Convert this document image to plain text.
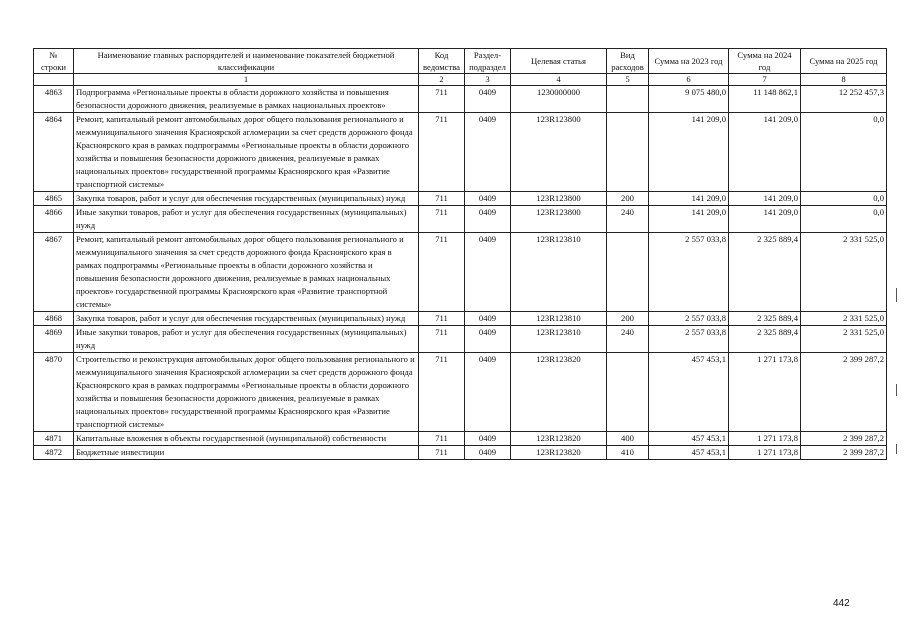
№ строки	Наименование главных распорядителей и наименование показателей бюджетной классификации	Код ведомства	Раздел-подраздел	Целевая статья	Вид расходов	Сумма на 2023 год	Сумма на 2024 год	Сумма на 2025 год
	1	2	3	4	5	6	7	8
4863	Подпрограмма «Региональные проекты в области дорожного хозяйства и повышения безопасности дорожного движения, реализуемые в рамках национальных проектов»	711	0409	1230000000		9 075 480,0	11 148 862,1	12 252 457,3
4864	Ремонт, капитальный ремонт автомобильных дорог общего пользования регионального и межмуниципального значения Красноярской агломерации за счет средств дорожного фонда Красноярского края в рамках подпрограммы «Региональные проекты в области дорожного хозяйства и повышения безопасности дорожного движения, реализуемые в рамках национальных проектов» государственной программы Красноярского края «Развитие транспортной системы»	711	0409	123R123800		141 209,0	141 209,0	0,0
4865	Закупка товаров, работ и услуг для обеспечения государственных (муниципальных) нужд	711	0409	123R123800	200	141 209,0	141 209,0	0,0
4866	Иные закупки товаров, работ и услуг для обеспечения государственных (муниципальных) нужд	711	0409	123R123800	240	141 209,0	141 209,0	0,0
4867	Ремонт, капитальный ремонт автомобильных дорог общего пользования регионального и межмуниципального значения за счет средств дорожного фонда Красноярского края в рамках подпрограммы «Региональные проекты в области дорожного хозяйства и повышения безопасности дорожного движения, реализуемые в рамках национальных проектов» государственной программы Красноярского края «Развитие транспортной системы»	711	0409	123R123810		2 557 033,8	2 325 889,4	2 331 525,0
4868	Закупка товаров, работ и услуг для обеспечения государственных (муниципальных) нужд	711	0409	123R123810	200	2 557 033,8	2 325 889,4	2 331 525,0
4869	Иные закупки товаров, работ и услуг для обеспечения государственных (муниципальных) нужд	711	0409	123R123810	240	2 557 033,8	2 325 889,4	2 331 525,0
4870	Строительство и реконструкция автомобильных дорог общего пользования регионального и межмуниципального значения Красноярской агломерации за счет средств дорожного фонда Красноярского края в рамках подпрограммы «Региональные проекты в области дорожного хозяйства и повышения безопасности дорожного движения, реализуемые в рамках национальных проектов» государственной программы Красноярского края «Развитие транспортной системы»	711	0409	123R123820		457 453,1	1 271 173,8	2 399 287,2
4871	Капитальные вложения в объекты государственной (муниципальной) собственности	711	0409	123R123820	400	457 453,1	1 271 173,8	2 399 287,2
4872	Бюджетные инвестиции	711	0409	123R123820	410	457 453,1	1 271 173,8	2 399 287,2
442
